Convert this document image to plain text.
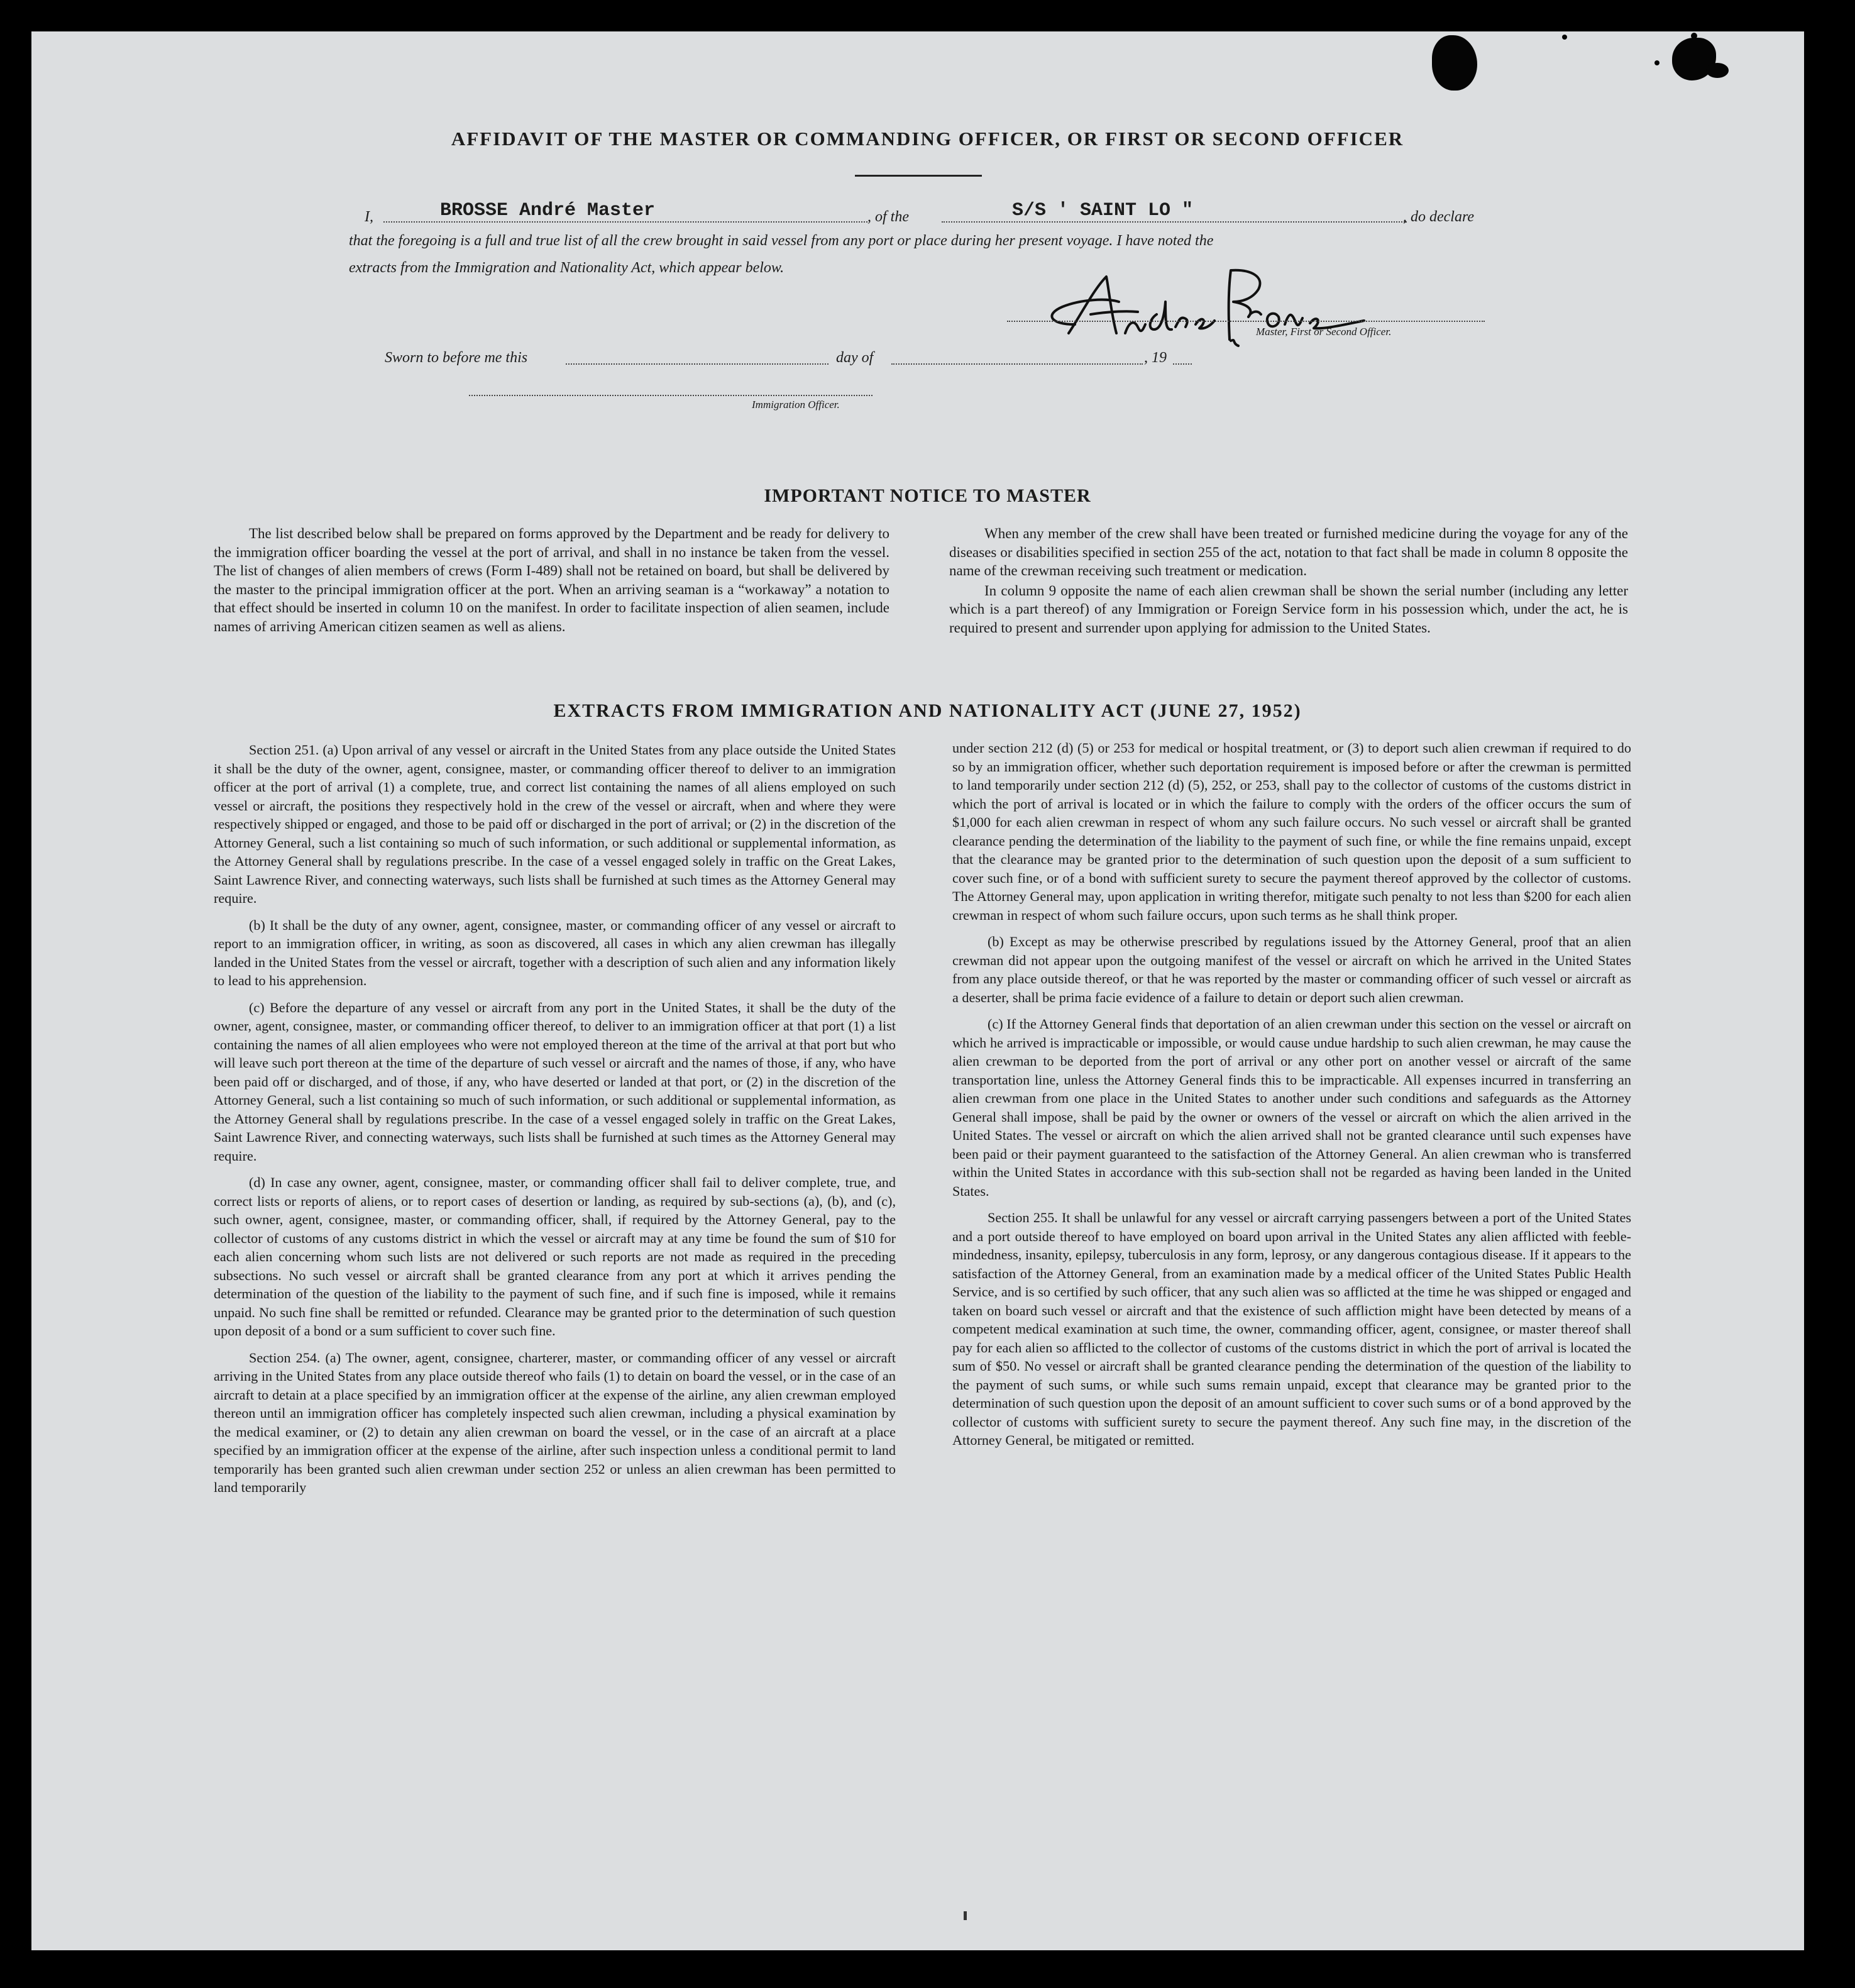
AFFIDAVIT OF THE MASTER OR COMMANDING OFFICER, OR FIRST OR SECOND OFFICER
I,	BROSSE André Master	, of the	S/S ' SAINT LO "	, do declare
that the foregoing is a full and true list of all the crew brought in said vessel from any port or place during her present voyage. I have noted the
extracts from the Immigration and Nationality Act, which appear below.
Master, First or Second Officer.
Sworn to before me this	day of	, 19
Immigration Officer.
IMPORTANT NOTICE TO MASTER

The list described below shall be prepared on forms approved by the Department and be ready for delivery to the immigration officer boarding the vessel at the port of arrival, and shall in no instance be taken from the vessel. The list of changes of alien members of crews (Form I-489) shall not be retained on board, but shall be delivered by the master to the principal immigration officer at the port. When an arriving seaman is a “workaway” a notation to that effect should be inserted in column 10 on the manifest. In order to facilitate inspection of alien seamen, include names of arriving American citizen seamen as well as aliens.

When any member of the crew shall have been treated or furnished medicine during the voyage for any of the diseases or disabilities specified in section 255 of the act, notation to that fact shall be made in column 8 opposite the name of the crewman receiving such treatment or medication.

In column 9 opposite the name of each alien crewman shall be shown the serial number (including any letter which is a part thereof) of any Immigration or Foreign Service form in his possession which, under the act, he is required to present and surrender upon applying for admission to the United States.

EXTRACTS FROM IMMIGRATION AND NATIONALITY ACT (JUNE 27, 1952)

Section 251. (a) Upon arrival of any vessel or aircraft in the United States from any place outside the United States it shall be the duty of the owner, agent, consignee, master, or commanding officer thereof to deliver to an immigration officer at the port of arrival (1) a complete, true, and correct list containing the names of all aliens employed on such vessel or aircraft, the positions they respectively hold in the crew of the vessel or aircraft, when and where they were respectively shipped or engaged, and those to be paid off or discharged in the port of arrival; or (2) in the discretion of the Attorney General, such a list containing so much of such information, or such additional or supplemental information, as the Attorney General shall by regulations prescribe. In the case of a vessel engaged solely in traffic on the Great Lakes, Saint Lawrence River, and connecting waterways, such lists shall be furnished at such times as the Attorney General may require.

(b) It shall be the duty of any owner, agent, consignee, master, or commanding officer of any vessel or aircraft to report to an immigration officer, in writing, as soon as discovered, all cases in which any alien crewman has illegally landed in the United States from the vessel or aircraft, together with a description of such alien and any information likely to lead to his apprehension.

(c) Before the departure of any vessel or aircraft from any port in the United States, it shall be the duty of the owner, agent, consignee, master, or commanding officer thereof, to deliver to an immigration officer at that port (1) a list containing the names of all alien employees who were not employed thereon at the time of the arrival at that port but who will leave such port thereon at the time of the departure of such vessel or aircraft and the names of those, if any, who have been paid off or discharged, and of those, if any, who have deserted or landed at that port, or (2) in the discretion of the Attorney General, such a list containing so much of such information, or such additional or supplemental information, as the Attorney General shall by regulations prescribe. In the case of a vessel engaged solely in traffic on the Great Lakes, Saint Lawrence River, and connecting waterways, such lists shall be furnished at such times as the Attorney General may require.

(d) In case any owner, agent, consignee, master, or commanding officer shall fail to deliver complete, true, and correct lists or reports of aliens, or to report cases of desertion or landing, as required by sub-sections (a), (b), and (c), such owner, agent, consignee, master, or commanding officer, shall, if required by the Attorney General, pay to the collector of customs of any customs district in which the vessel or aircraft may at any time be found the sum of $10 for each alien concerning whom such lists are not delivered or such reports are not made as required in the preceding subsections. No such vessel or aircraft shall be granted clearance from any port at which it arrives pending the determination of the question of the liability to the payment of such fine, and if such fine is imposed, while it remains unpaid. No such fine shall be remitted or refunded. Clearance may be granted prior to the determination of such question upon deposit of a bond or a sum sufficient to cover such fine.

Section 254. (a) The owner, agent, consignee, charterer, master, or commanding officer of any vessel or aircraft arriving in the United States from any place outside thereof who fails (1) to detain on board the vessel, or in the case of an aircraft to detain at a place specified by an immigration officer at the expense of the airline, any alien crewman employed thereon until an immigration officer has completely inspected such alien crewman, including a physical examination by the medical examiner, or (2) to detain any alien crewman on board the vessel, or in the case of an aircraft at a place specified by an immigration officer at the expense of the airline, after such inspection unless a conditional permit to land temporarily has been granted such alien crewman under section 252 or unless an alien crewman has been permitted to land temporarily

under section 212 (d) (5) or 253 for medical or hospital treatment, or (3) to deport such alien crewman if required to do so by an immigration officer, whether such deportation requirement is imposed before or after the crewman is permitted to land temporarily under section 212 (d) (5), 252, or 253, shall pay to the collector of customs of the customs district in which the port of arrival is located or in which the failure to comply with the orders of the officer occurs the sum of $1,000 for each alien crewman in respect of whom any such failure occurs. No such vessel or aircraft shall be granted clearance pending the determination of the liability to the payment of such fine, or while the fine remains unpaid, except that the clearance may be granted prior to the determination of such question upon the deposit of a sum sufficient to cover such fine, or of a bond with sufficient surety to secure the payment thereof approved by the collector of customs. The Attorney General may, upon application in writing therefor, mitigate such penalty to not less than $200 for each alien crewman in respect of whom such failure occurs, upon such terms as he shall think proper.

(b) Except as may be otherwise prescribed by regulations issued by the Attorney General, proof that an alien crewman did not appear upon the outgoing manifest of the vessel or aircraft on which he arrived in the United States from any place outside thereof, or that he was reported by the master or commanding officer of such vessel or aircraft as a deserter, shall be prima facie evidence of a failure to detain or deport such alien crewman.

(c) If the Attorney General finds that deportation of an alien crewman under this section on the vessel or aircraft on which he arrived is impracticable or impossible, or would cause undue hardship to such alien crewman, he may cause the alien crewman to be deported from the port of arrival or any other port on another vessel or aircraft of the same transportation line, unless the Attorney General finds this to be impracticable. All expenses incurred in transferring an alien crewman from one place in the United States to another under such conditions and safeguards as the Attorney General shall impose, shall be paid by the owner or owners of the vessel or aircraft on which the alien arrived in the United States. The vessel or aircraft on which the alien arrived shall not be granted clearance until such expenses have been paid or their payment guaranteed to the satisfaction of the Attorney General. An alien crewman who is transferred within the United States in accordance with this sub-section shall not be regarded as having been landed in the United States.

Section 255. It shall be unlawful for any vessel or aircraft carrying passengers between a port of the United States and a port outside thereof to have employed on board upon arrival in the United States any alien afflicted with feeble-mindedness, insanity, epilepsy, tuberculosis in any form, leprosy, or any dangerous contagious disease. If it appears to the satisfaction of the Attorney General, from an examination made by a medical officer of the United States Public Health Service, and is so certified by such officer, that any such alien was so afflicted at the time he was shipped or engaged and taken on board such vessel or aircraft and that the existence of such affliction might have been detected by means of a competent medical examination at such time, the owner, commanding officer, agent, consignee, or master thereof shall pay for each alien so afflicted to the collector of customs of the customs district in which the port of arrival is located the sum of $50. No vessel or aircraft shall be granted clearance pending the determination of the question of the liability to the payment of such sums, or while such sums remain unpaid, except that clearance may be granted prior to the determination of such question upon the deposit of an amount sufficient to cover such sums or of a bond approved by the collector of customs with sufficient surety to secure the payment thereof. Any such fine may, in the discretion of the Attorney General, be mitigated or remitted.
